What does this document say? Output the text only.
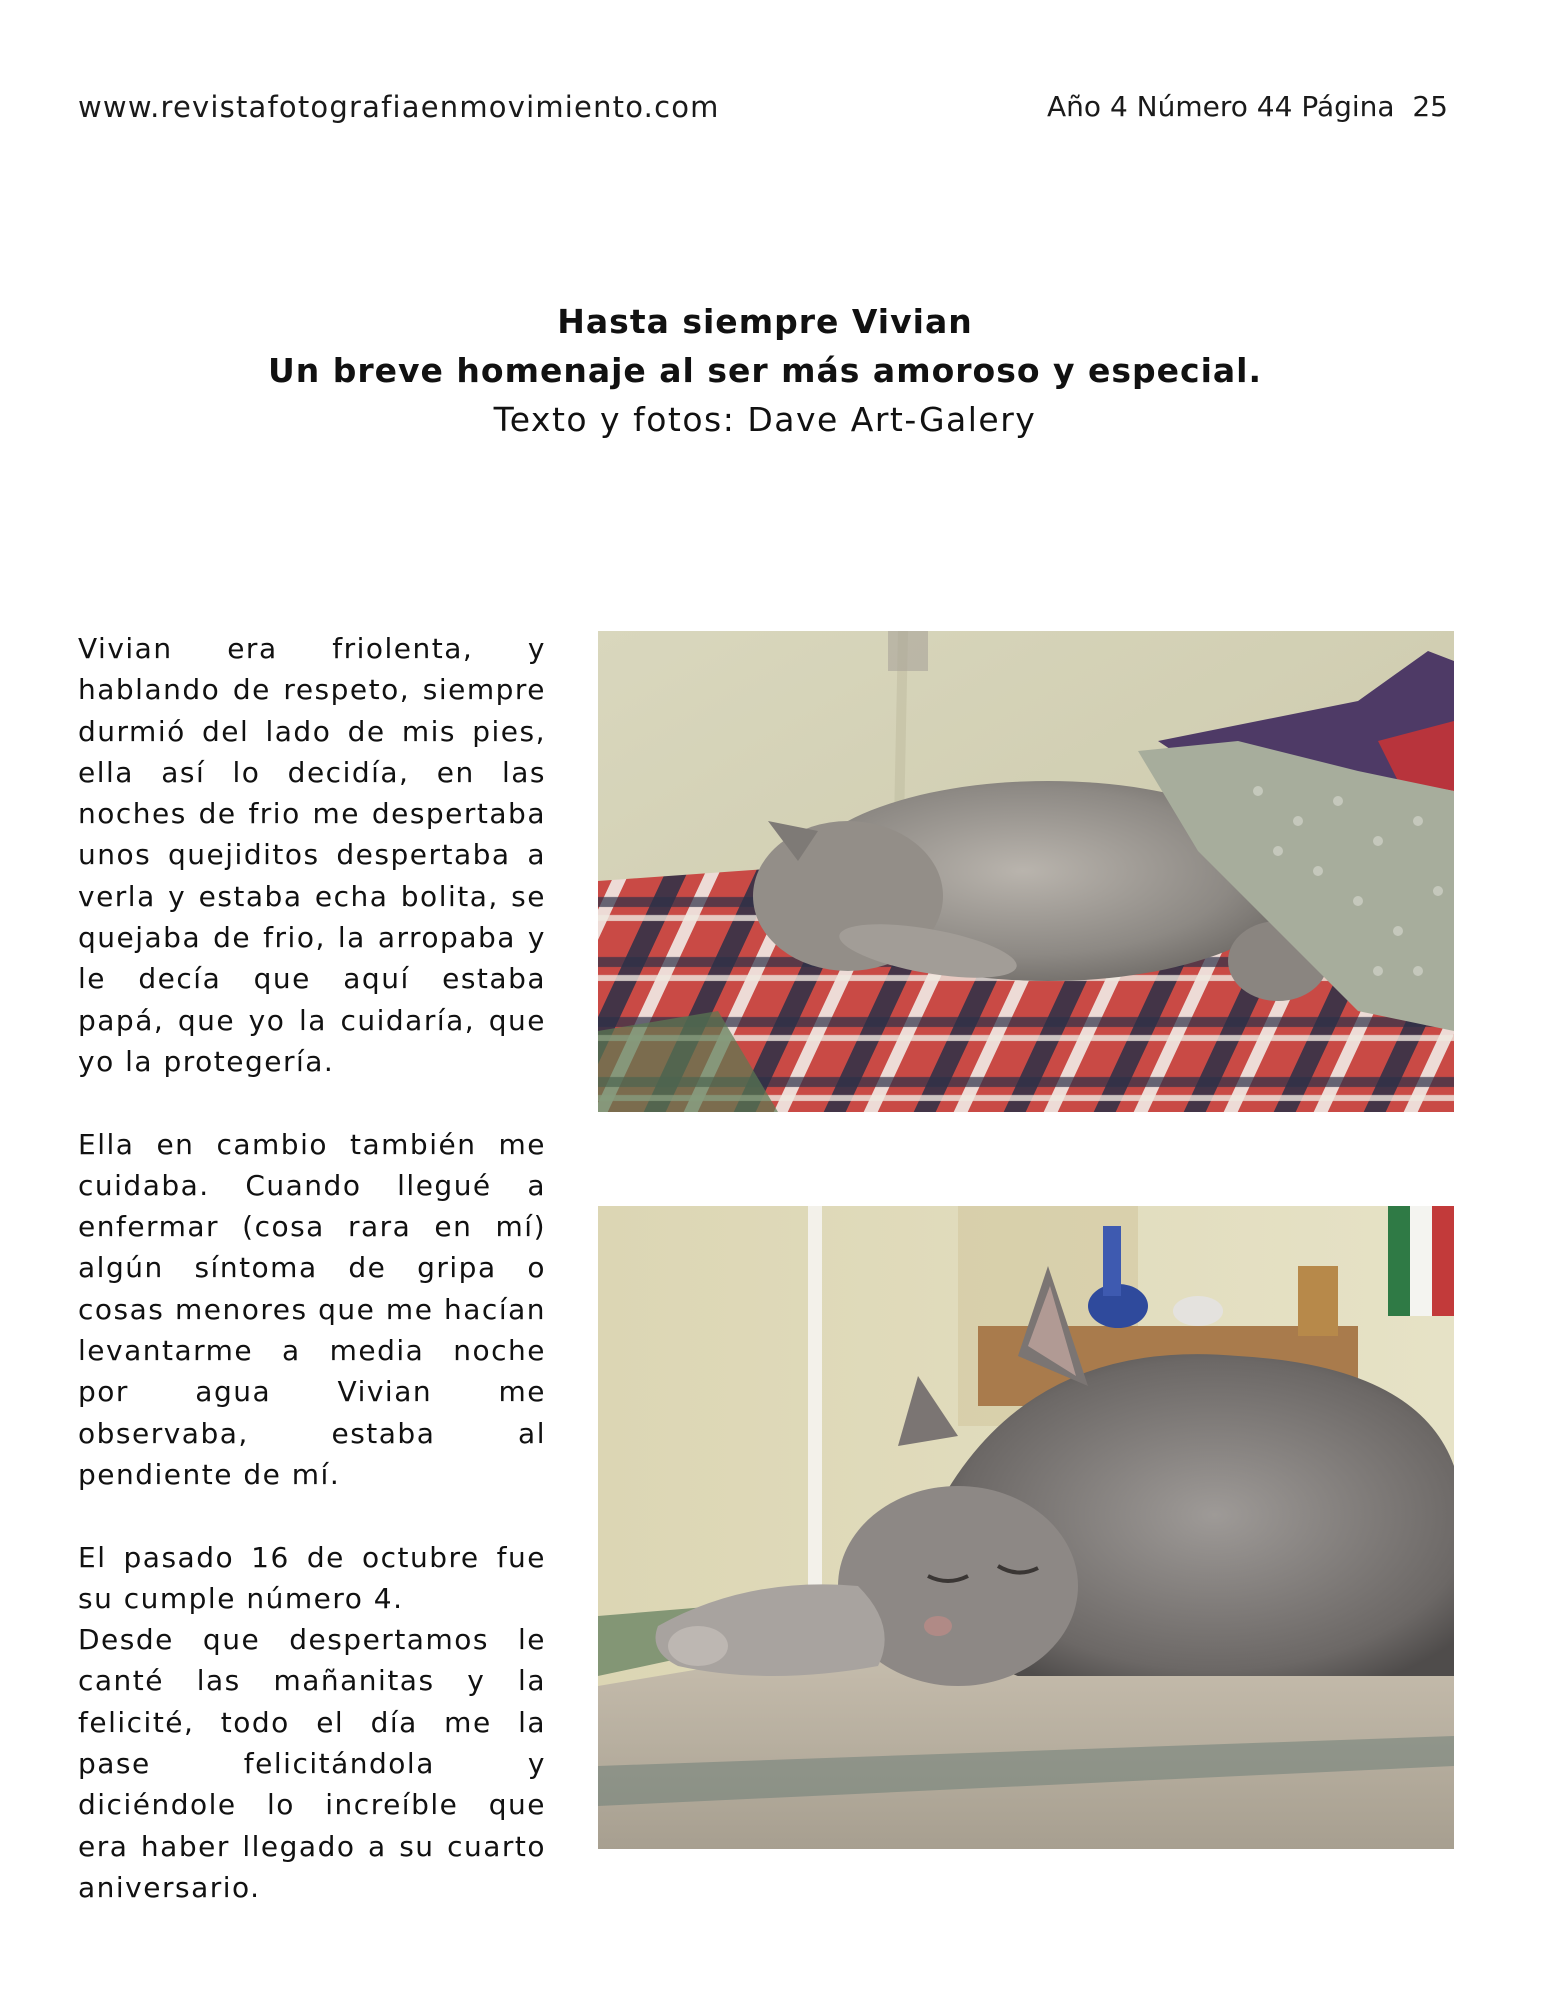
www.revistafotografiaenmovimiento.com	Año 4 Número 44 Página  25
Hasta siempre Vivian
Un breve homenaje al ser más amoroso y especial.
Texto y fotos: Dave Art-Galery

Vivian era friolenta, y hablando de respeto, siempre durmió del lado de mis pies, ella así lo decidía, en las noches de frio me despertaba unos quejiditos despertaba a verla y estaba echa bolita, se quejaba de frio, la arropaba y le decía que aquí estaba papá, que yo la cuidaría, que yo la protegería.

Ella en cambio también me cuidaba. Cuando llegué a enfermar (cosa rara en mí) algún síntoma de gripa o cosas menores que me hacían levantarme a media noche por agua Vivian me observaba, estaba al pendiente de mí.

El pasado 16 de octubre fue su cumple número 4.

Desde que despertamos le canté las mañanitas y la felicité, todo el día me la pase felicitándola y diciéndole lo increíble que era haber llegado a su cuarto aniversario.
